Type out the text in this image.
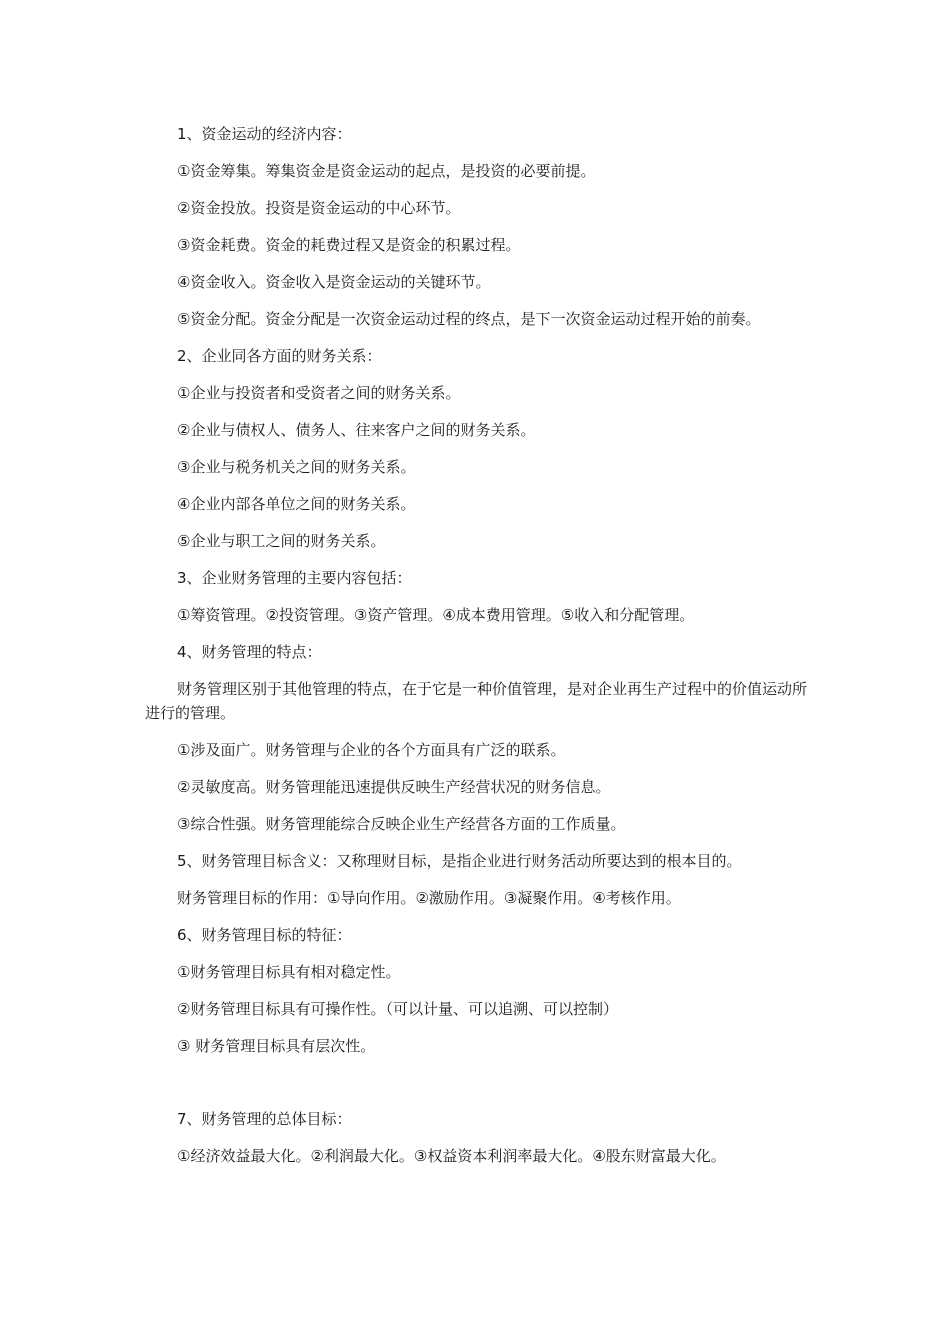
1、资金运动的经济内容：

①资金筹集。筹集资金是资金运动的起点，是投资的必要前提。

②资金投放。投资是资金运动的中心环节。

③资金耗费。资金的耗费过程又是资金的积累过程。

④资金收入。资金收入是资金运动的关键环节。

⑤资金分配。资金分配是一次资金运动过程的终点，是下一次资金运动过程开始的前奏。

2、企业同各方面的财务关系：

①企业与投资者和受资者之间的财务关系。

②企业与债权人、债务人、往来客户之间的财务关系。

③企业与税务机关之间的财务关系。

④企业内部各单位之间的财务关系。

⑤企业与职工之间的财务关系。

3、企业财务管理的主要内容包括：

①筹资管理。②投资管理。③资产管理。④成本费用管理。⑤收入和分配管理。

4、财务管理的特点：

财务管理区别于其他管理的特点，在于它是一种价值管理，是对企业再生产过程中的价值运动所进行的管理。

①涉及面广。财务管理与企业的各个方面具有广泛的联系。

②灵敏度高。财务管理能迅速提供反映生产经营状况的财务信息。

③综合性强。财务管理能综合反映企业生产经营各方面的工作质量。

5、财务管理目标含义：又称理财目标，是指企业进行财务活动所要达到的根本目的。

财务管理目标的作用：①导向作用。②激励作用。③凝聚作用。④考核作用。

6、财务管理目标的特征：

①财务管理目标具有相对稳定性。

②财务管理目标具有可操作性。（可以计量、可以追溯、可以控制）

③ 财务管理目标具有层次性。

7、财务管理的总体目标：

①经济效益最大化。②利润最大化。③权益资本利润率最大化。④股东财富最大化。
